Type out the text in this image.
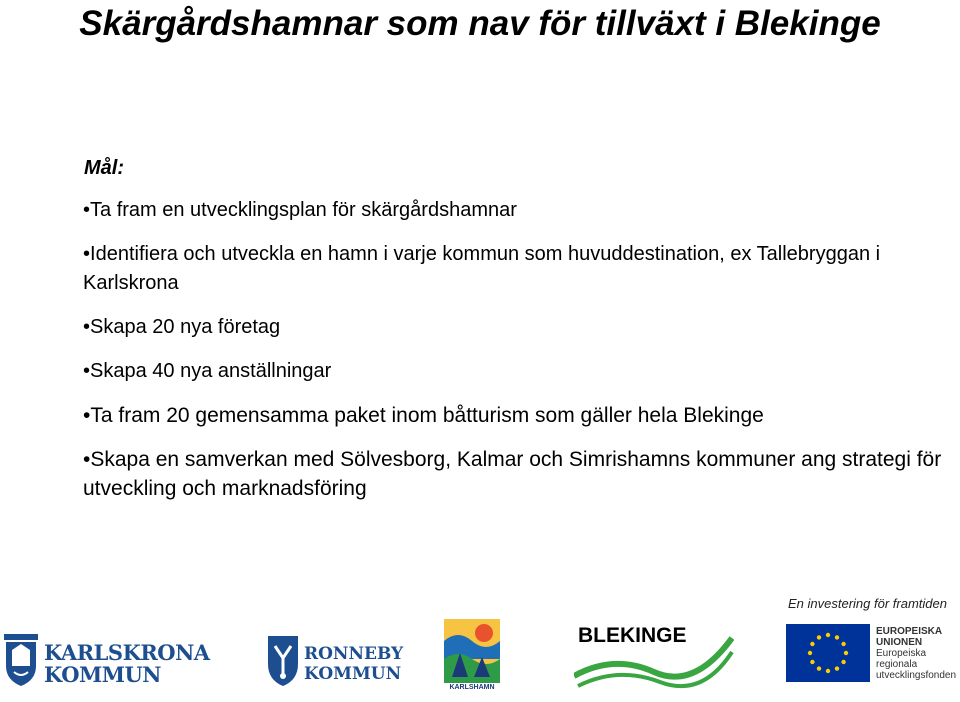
Skärgårdshamnar som nav för tillväxt i Blekinge
Mål:
• Ta fram en utvecklingsplan för skärgårdshamnar
• Identifiera och utveckla en hamn i varje kommun som huvuddestination, ex Tallebryggan i Karlskrona
• Skapa 20 nya företag
• Skapa 40 nya anställningar
• Ta fram 20 gemensamma paket inom båtturism som gäller hela Blekinge
• Skapa en samverkan med Sölvesborg, Kalmar och Simrishamns kommuner ang strategi för utveckling och marknadsföring
KARLSKRONA
KOMMUN
RONNEBY
KOMMUN
KARLSHAMN
BLEKINGE
En investering för framtiden
EUROPEISKA
UNIONEN
Europeiska
regionala
utvecklingsfonden
